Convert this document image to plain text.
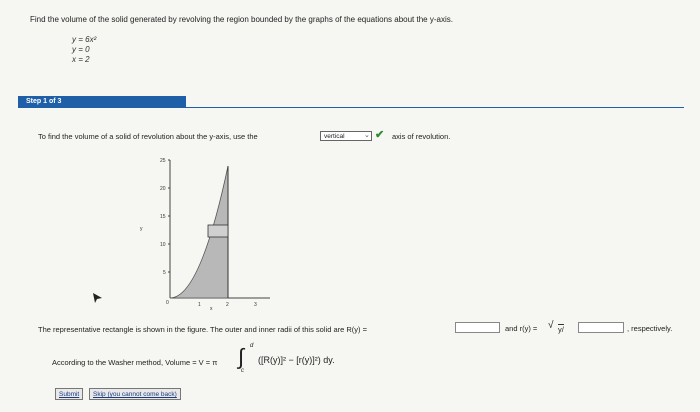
Find the volume of the solid generated by revolving the region bounded by the graphs of the equations about the y-axis.
y = 6x²
y = 0
x = 2
Step 1 of 3
To find the volume of a solid of revolution about the y-axis, use the	vertical	⌄ ✔ axis of revolution.
5
10
15
20
25
y
0	1	2	3
x
The representative rectangle is shown in the figure. The outer and inner radii of this solid are R(y) =	and r(y) = √ y/	, respectively.
According to the Washer method, Volume = V = π ∫ d
c
([R(y)]² − [r(y)]²) dy.
Submit	Skip (you cannot come back)
